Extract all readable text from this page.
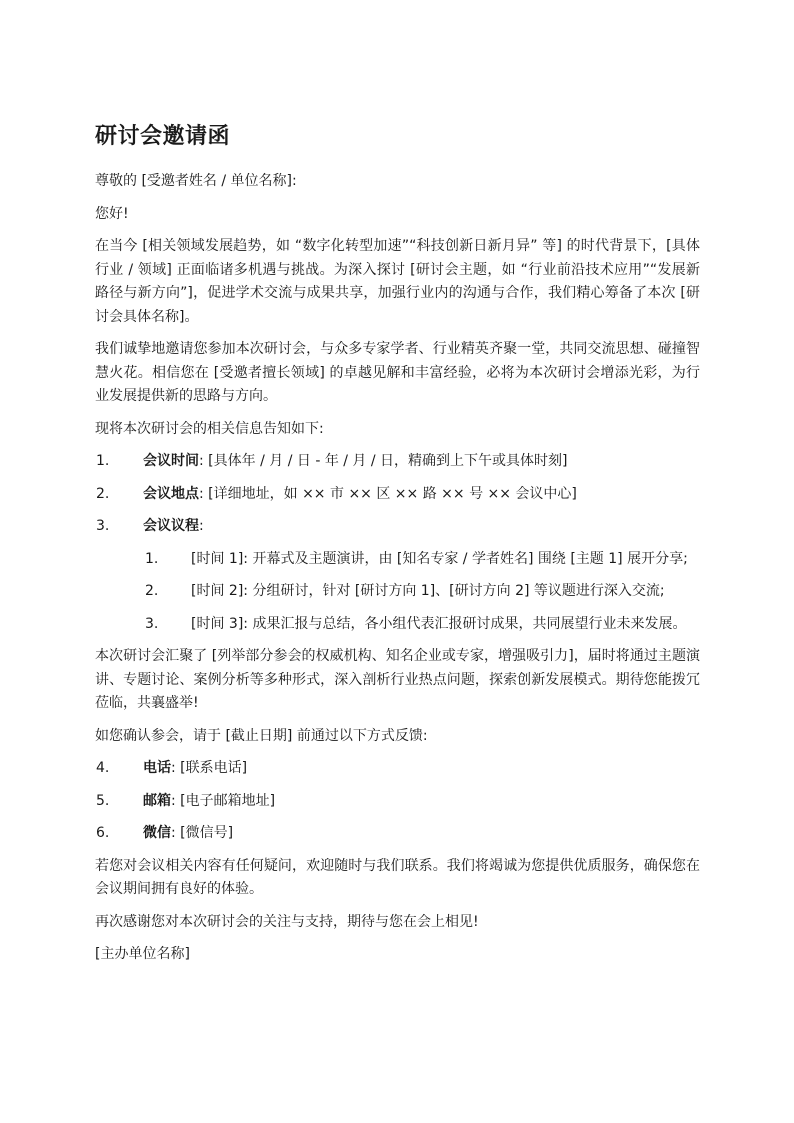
研讨会邀请函

尊敬的 [受邀者姓名 / 单位名称]:

您好!

在当今 [相关领域发展趋势，如 “数字化转型加速”“科技创新日新月异” 等] 的时代背景下，[具体行业 / 领域] 正面临诸多机遇与挑战。为深入探讨 [研讨会主题，如 “行业前沿技术应用”“发展新路径与新方向”]，促进学术交流与成果共享，加强行业内的沟通与合作，我们精心筹备了本次 [研讨会具体名称]。

我们诚挚地邀请您参加本次研讨会，与众多专家学者、行业精英齐聚一堂，共同交流思想、碰撞智慧火花。相信您在 [受邀者擅长领域] 的卓越见解和丰富经验，必将为本次研讨会增添光彩，为行业发展提供新的思路与方向。

现将本次研讨会的相关信息告知如下:

1. 会议时间: [具体年 / 月 / 日 - 年 / 月 / 日，精确到上下午或具体时刻]
2. 会议地点: [详细地址，如 ×× 市 ×× 区 ×× 路 ×× 号 ×× 会议中心]
3. 会议议程:
1. [时间 1]: 开幕式及主题演讲，由 [知名专家 / 学者姓名] 围绕 [主题 1] 展开分享;
2. [时间 2]: 分组研讨，针对 [研讨方向 1]、[研讨方向 2] 等议题进行深入交流;
3. [时间 3]: 成果汇报与总结，各小组代表汇报研讨成果，共同展望行业未来发展。

本次研讨会汇聚了 [列举部分参会的权威机构、知名企业或专家，增强吸引力]，届时将通过主题演讲、专题讨论、案例分析等多种形式，深入剖析行业热点问题，探索创新发展模式。期待您能拨冗莅临，共襄盛举!

如您确认参会，请于 [截止日期] 前通过以下方式反馈:

4. 电话: [联系电话]
5. 邮箱: [电子邮箱地址]
6. 微信: [微信号]

若您对会议相关内容有任何疑问，欢迎随时与我们联系。我们将竭诚为您提供优质服务，确保您在会议期间拥有良好的体验。

再次感谢您对本次研讨会的关注与支持，期待与您在会上相见!

[主办单位名称]
